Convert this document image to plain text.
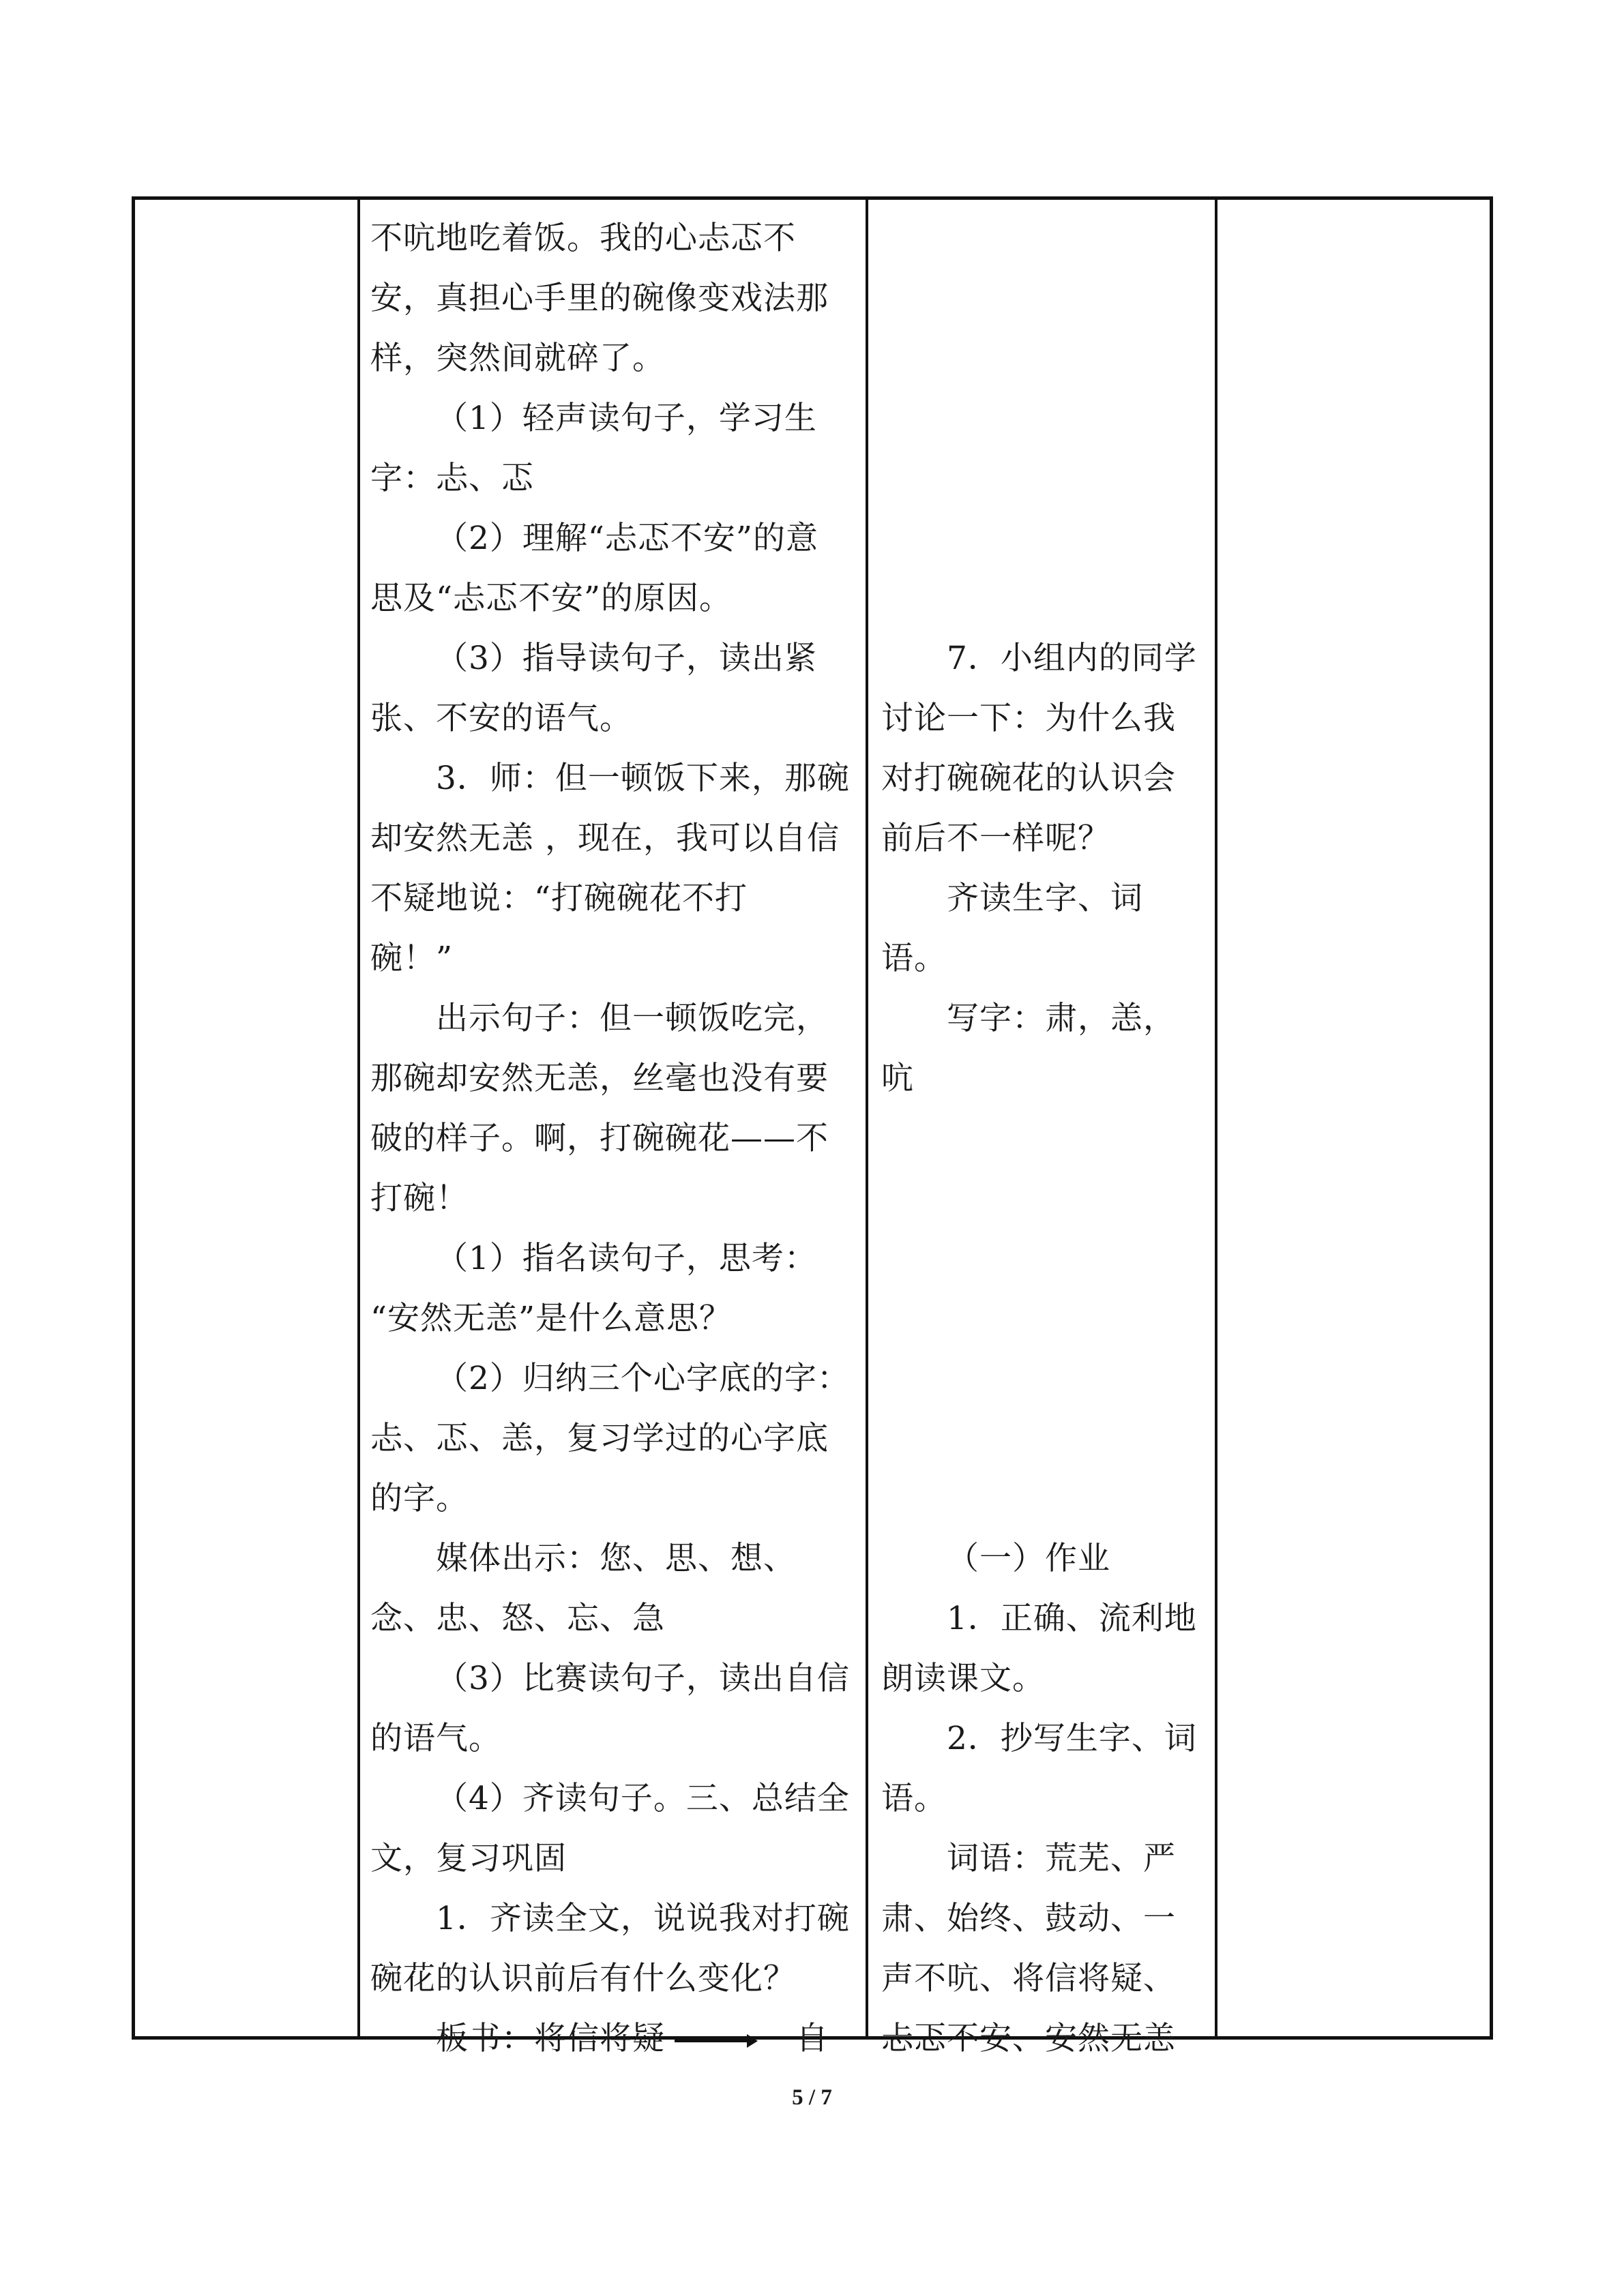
不吭地吃着饭。我的心忐忑不
安，真担心手里的碗像变戏法那
样，突然间就碎了。
（1）轻声读句子，学习生
字：忐、忑
（2）理解“忐忑不安”的意
思及“忐忑不安”的原因。
（3）指导读句子，读出紧
张、不安的语气。
3．师：但一顿饭下来，那碗
却安然无恙 ，现在，我可以自信
不疑地说：“打碗碗花不打
碗！”
出示句子：但一顿饭吃完，
那碗却安然无恙，丝毫也没有要
破的样子。啊，打碗碗花——不
打碗！
（1）指名读句子，思考：
“安然无恙”是什么意思？
（2）归纳三个心字底的字：
忐、忑、恙，复习学过的心字底
的字。
媒体出示：您、思、想、
念、忠、怒、忘、急
（3）比赛读句子，读出自信
的语气。
（4）齐读句子。三、总结全
文，复习巩固
1．齐读全文，说说我对打碗
碗花的认识前后有什么变化？
板书：将信将疑	自
7．小组内的同学
讨论一下：为什么我
对打碗碗花的认识会
前后不一样呢？
齐读生字、词
语。
写字：肃，恙，
吭
（一）作业
1．正确、流利地
朗读课文。
2．抄写生字、词
语。
词语：荒芜、严
肃、始终、鼓动、一
声不吭、将信将疑、
忐忑不安、安然无恙
5 / 7
